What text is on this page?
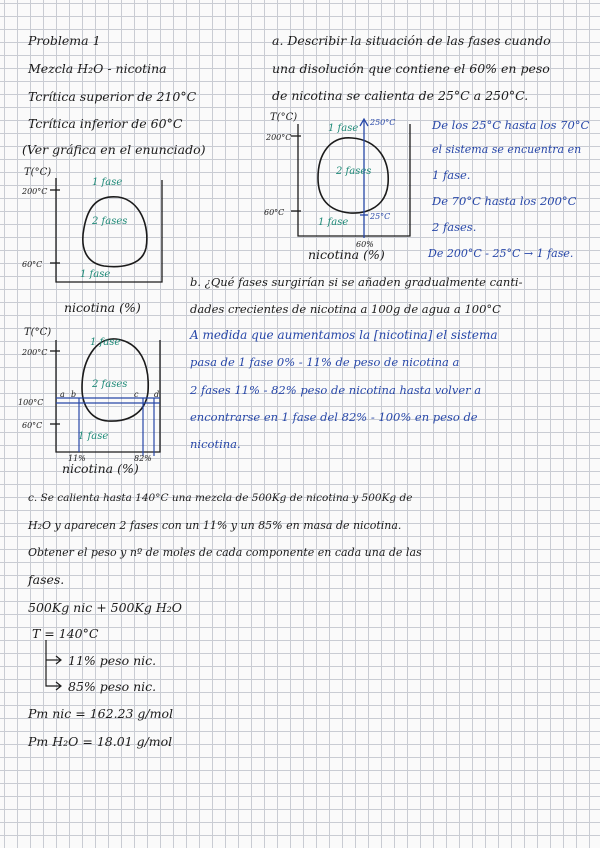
Problema 1
Mezcla H₂O - nicotina
Tcrítica superior de 210°C
Tcrítica inferior de 60°C
(Ver gráfica en el enunciado)
T(°C)
200°C
60°C
1 fase
2 fases
1 fase
nicotina (%)
T(°C)
200°C
100°C
60°C
1 fase
2 fases
1 fase
a b	c d
11%	82%
nicotina (%)
a. Describir la situación de las fases cuando
una disolución que contiene el 60% en peso
de nicotina se calienta de 25°C a 250°C.
T(°C)
200°C
60°C
1 fase
2 fases
1 fase
250°C
25°C
60%
nicotina (%)
De los 25°C hasta los 70°C
el sistema se encuentra en
1 fase.
De 70°C hasta los 200°C
2 fases.
De 200°C - 25°C → 1 fase.
b. ¿Qué fases surgirían si se añaden gradualmente canti-
dades crecientes de nicotina a 100g de agua a 100°C
A medida que aumentamos la [nicotina] el sistema
pasa de 1 fase 0% - 11% de peso de nicotina a
2 fases 11% - 82% peso de nicotina hasta volver a
encontrarse en 1 fase del 82% - 100% en peso de
nicotina.
c. Se calienta hasta 140°C una mezcla de 500Kg de nicotina y 500Kg de
H₂O y aparecen 2 fases con un 11% y un 85% en masa de nicotina.
Obtener el peso y nº de moles de cada componente en cada una de las
fases.
500Kg nic + 500Kg H₂O
T = 140°C
11% peso nic.
85% peso nic.
Pm nic = 162.23 g/mol
Pm H₂O = 18.01 g/mol
